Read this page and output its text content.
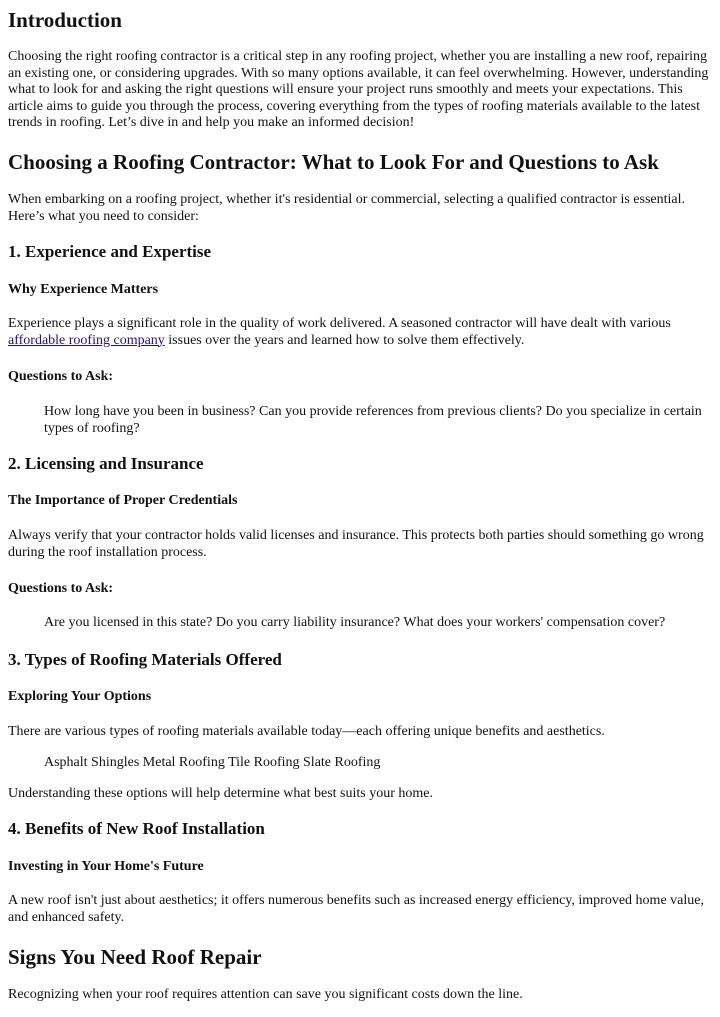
Introduction

Choosing the right roofing contractor is a critical step in any roofing project, whether you are installing a new roof, repairing an existing one, or considering upgrades. With so many options available, it can feel overwhelming. However, understanding what to look for and asking the right questions will ensure your project runs smoothly and meets your expectations. This article aims to guide you through the process, covering everything from the types of roofing materials available to the latest trends in roofing. Let’s dive in and help you make an informed decision!

Choosing a Roofing Contractor: What to Look For and Questions to Ask

When embarking on a roofing project, whether it's residential or commercial, selecting a qualified contractor is essential. Here’s what you need to consider:

1. Experience and Expertise
Why Experience Matters

Experience plays a significant role in the quality of work delivered. A seasoned contractor will have dealt with various affordable roofing company issues over the years and learned how to solve them effectively.

Questions to Ask:

How long have you been in business? Can you provide references from previous clients? Do you specialize in certain types of roofing?

2. Licensing and Insurance
The Importance of Proper Credentials

Always verify that your contractor holds valid licenses and insurance. This protects both parties should something go wrong during the roof installation process.

Questions to Ask:

Are you licensed in this state? Do you carry liability insurance? What does your workers' compensation cover?

3. Types of Roofing Materials Offered
Exploring Your Options

There are various types of roofing materials available today—each offering unique benefits and aesthetics.

Asphalt Shingles Metal Roofing Tile Roofing Slate Roofing

Understanding these options will help determine what best suits your home.

4. Benefits of New Roof Installation
Investing in Your Home's Future

A new roof isn't just about aesthetics; it offers numerous benefits such as increased energy efficiency, improved home value, and enhanced safety.

Signs You Need Roof Repair

Recognizing when your roof requires attention can save you significant costs down the line.
